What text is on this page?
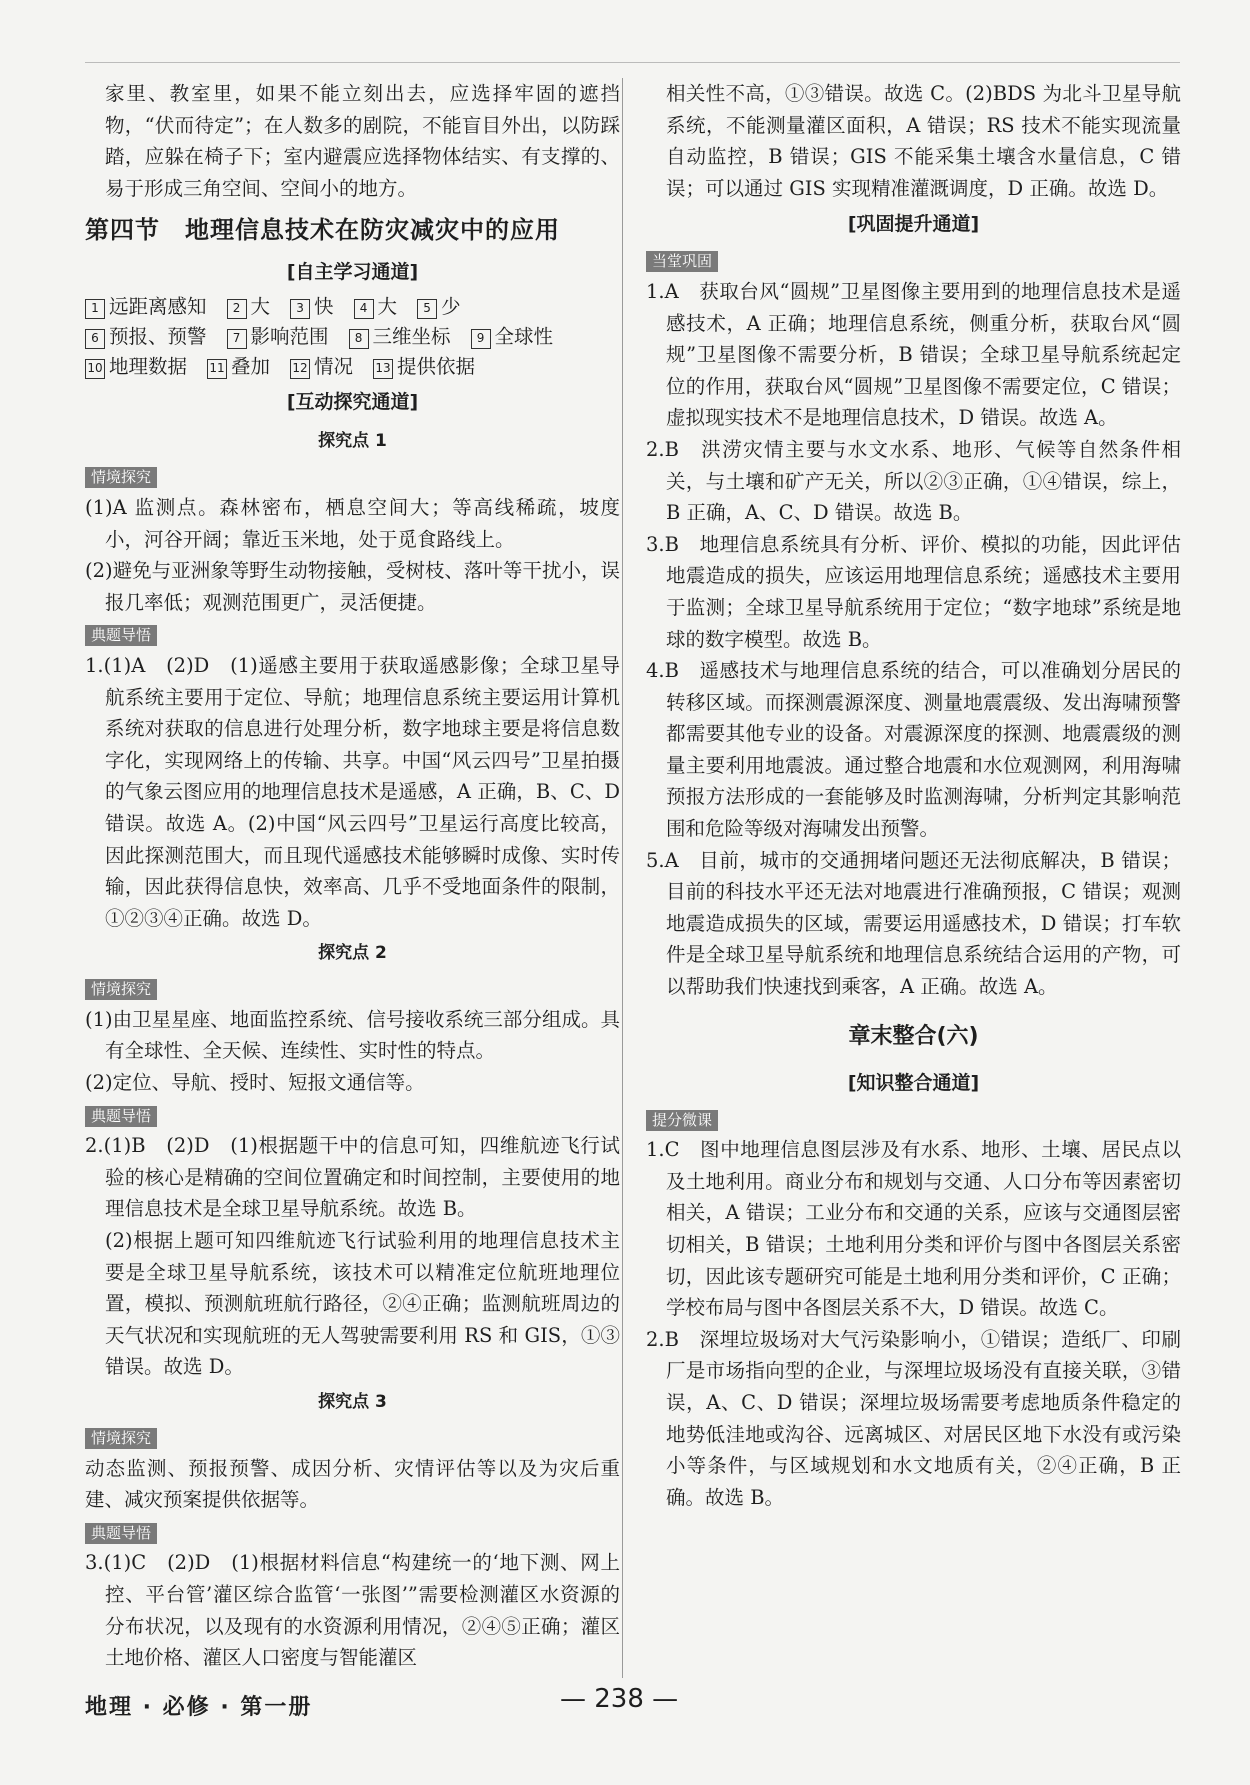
家里、教室里，如果不能立刻出去，应选择牢固的遮挡物，“伏而待定”；在人数多的剧院，不能盲目外出，以防踩踏，应躲在椅子下；室内避震应选择物体结实、有支撑的、易于形成三角空间、空间小的地方。

第四节　地理信息技术在防灾减灾中的应用
[自主学习通道]
1 远距离感知	2 大	3 快	4 大	5 少
6 预报、预警	7 影响范围	8 三维坐标	9 全球性
10 地理数据 11 叠加 12 情况 13 提供依据
[互动探究通道]
探究点 1
情境探究

(1)A 监测点。森林密布，栖息空间大；等高线稀疏，坡度小，河谷开阔；靠近玉米地，处于觅食路线上。

(2)避免与亚洲象等野生动物接触，受树枝、落叶等干扰小，误报几率低；观测范围更广，灵活便捷。

典题导悟

1.(1)A　(2)D　(1)遥感主要用于获取遥感影像；全球卫星导航系统主要用于定位、导航；地理信息系统主要运用计算机系统对获取的信息进行处理分析，数字地球主要是将信息数字化，实现网络上的传输、共享。中国“风云四号”卫星拍摄的气象云图应用的地理信息技术是遥感，A 正确，B、C、D 错误。故选 A。(2)中国“风云四号”卫星运行高度比较高，因此探测范围大，而且现代遥感技术能够瞬时成像、实时传输，因此获得信息快，效率高、几乎不受地面条件的限制，①②③④正确。故选 D。

探究点 2
情境探究

(1)由卫星星座、地面监控系统、信号接收系统三部分组成。具有全球性、全天候、连续性、实时性的特点。

(2)定位、导航、授时、短报文通信等。

典题导悟

2.(1)B　(2)D　(1)根据题干中的信息可知，四维航迹飞行试验的核心是精确的空间位置确定和时间控制，主要使用的地理信息技术是全球卫星导航系统。故选 B。

(2)根据上题可知四维航迹飞行试验利用的地理信息技术主要是全球卫星导航系统，该技术可以精准定位航班地理位置，模拟、预测航班航行路径，②④正确；监测航班周边的天气状况和实现航班的无人驾驶需要利用 RS 和 GIS，①③错误。故选 D。

探究点 3
情境探究

动态监测、预报预警、成因分析、灾情评估等以及为灾后重建、减灾预案提供依据等。

典题导悟

3.(1)C　(2)D　(1)根据材料信息“构建统一的‘地下测、网上控、平台管’灌区综合监管‘一张图’”需要检测灌区水资源的分布状况，以及现有的水资源利用情况，②④⑤正确；灌区土地价格、灌区人口密度与智能灌区

相关性不高，①③错误。故选 C。(2)BDS 为北斗卫星导航系统，不能测量灌区面积，A 错误；RS 技术不能实现流量自动监控，B 错误；GIS 不能采集土壤含水量信息，C 错误；可以通过 GIS 实现精准灌溉调度，D 正确。故选 D。

[巩固提升通道]
当堂巩固

1.A　获取台风“圆规”卫星图像主要用到的地理信息技术是遥感技术，A 正确；地理信息系统，侧重分析，获取台风“圆规”卫星图像不需要分析，B 错误；全球卫星导航系统起定位的作用，获取台风“圆规”卫星图像不需要定位，C 错误；虚拟现实技术不是地理信息技术，D 错误。故选 A。

2.B　洪涝灾情主要与水文水系、地形、气候等自然条件相关，与土壤和矿产无关，所以②③正确，①④错误，综上，B 正确，A、C、D 错误。故选 B。

3.B　地理信息系统具有分析、评价、模拟的功能，因此评估地震造成的损失，应该运用地理信息系统；遥感技术主要用于监测；全球卫星导航系统用于定位；“数字地球”系统是地球的数字模型。故选 B。

4.B　遥感技术与地理信息系统的结合，可以准确划分居民的转移区域。而探测震源深度、测量地震震级、发出海啸预警都需要其他专业的设备。对震源深度的探测、地震震级的测量主要利用地震波。通过整合地震和水位观测网，利用海啸预报方法形成的一套能够及时监测海啸，分析判定其影响范围和危险等级对海啸发出预警。

5.A　目前，城市的交通拥堵问题还无法彻底解决，B 错误；目前的科技水平还无法对地震进行准确预报，C 错误；观测地震造成损失的区域，需要运用遥感技术，D 错误；打车软件是全球卫星导航系统和地理信息系统结合运用的产物，可以帮助我们快速找到乘客，A 正确。故选 A。

章末整合(六)
[知识整合通道]
提分微课

1.C　图中地理信息图层涉及有水系、地形、土壤、居民点以及土地利用。商业分布和规划与交通、人口分布等因素密切相关，A 错误；工业分布和交通的关系，应该与交通图层密切相关，B 错误；土地利用分类和评价与图中各图层关系密切，因此该专题研究可能是土地利用分类和评价，C 正确；学校布局与图中各图层关系不大，D 错误。故选 C。

2.B　深埋垃圾场对大气污染影响小，①错误；造纸厂、印刷厂是市场指向型的企业，与深埋垃圾场没有直接关联，③错误，A、C、D 错误；深埋垃圾场需要考虑地质条件稳定的地势低洼地或沟谷、远离城区、对居民区地下水没有或污染小等条件，与区域规划和水文地质有关，②④正确，B 正确。故选 B。

地理 · 必修 · 第一册	— 238 —
